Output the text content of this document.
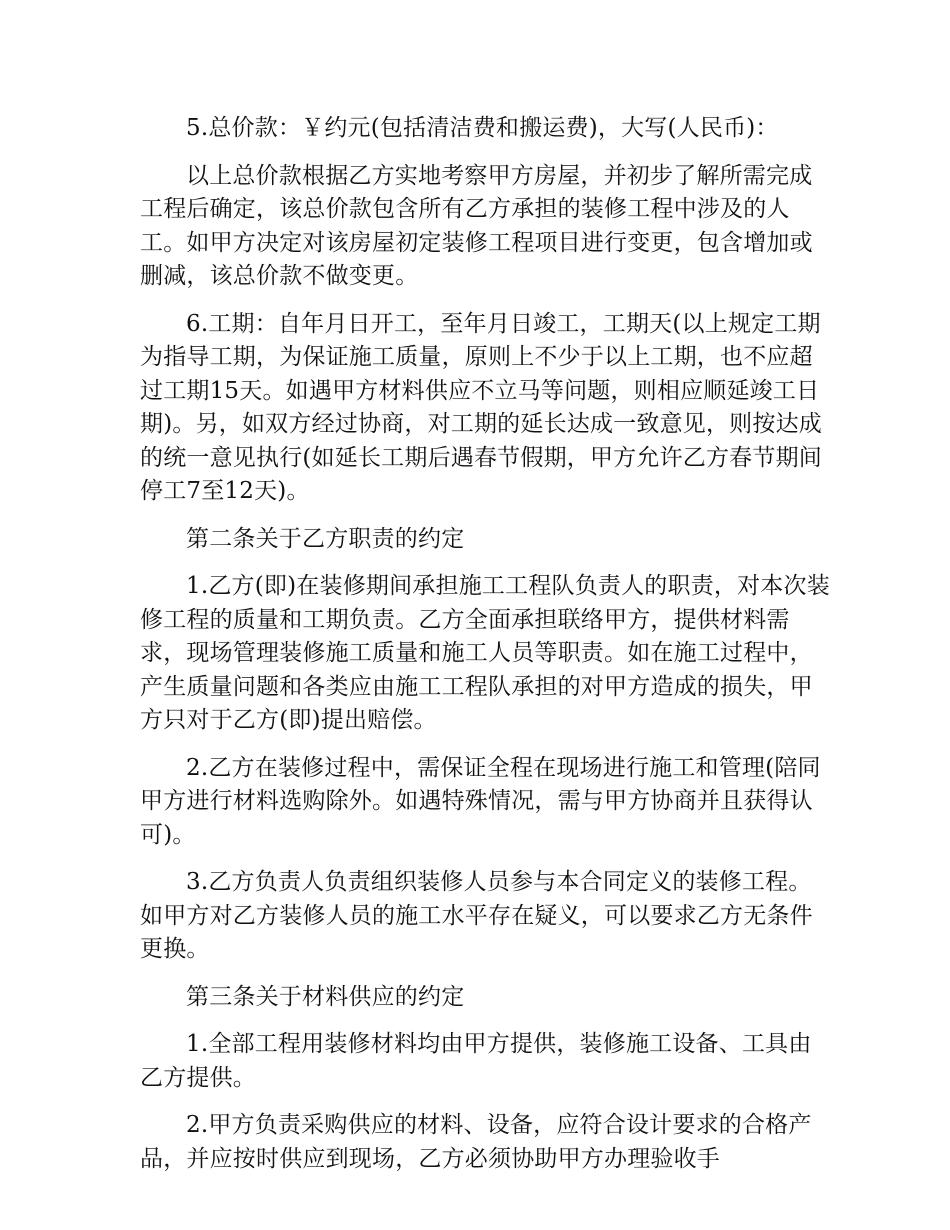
5.总价款：￥约元(包括清洁费和搬运费)，大写(人民币)：

以上总价款根据乙方实地考察甲方房屋，并初步了解所需完成工程后确定，该总价款包含所有乙方承担的装修工程中涉及的人工。如甲方决定对该房屋初定装修工程项目进行变更，包含增加或删减，该总价款不做变更。

6.工期：自年月日开工，至年月日竣工，工期天(以上规定工期为指导工期，为保证施工质量，原则上不少于以上工期，也不应超过工期15天。如遇甲方材料供应不立马等问题，则相应顺延竣工日期)。另，如双方经过协商，对工期的延长达成一致意见，则按达成的统一意见执行(如延长工期后遇春节假期，甲方允许乙方春节期间停工7至12天)。

第二条关于乙方职责的约定

1.乙方(即)在装修期间承担施工工程队负责人的职责，对本次装修工程的质量和工期负责。乙方全面承担联络甲方，提供材料需求，现场管理装修施工质量和施工人员等职责。如在施工过程中，产生质量问题和各类应由施工工程队承担的对甲方造成的损失，甲方只对于乙方(即)提出赔偿。

2.乙方在装修过程中，需保证全程在现场进行施工和管理(陪同甲方进行材料选购除外。如遇特殊情况，需与甲方协商并且获得认可)。

3.乙方负责人负责组织装修人员参与本合同定义的装修工程。如甲方对乙方装修人员的施工水平存在疑义，可以要求乙方无条件更换。

第三条关于材料供应的约定

1.全部工程用装修材料均由甲方提供，装修施工设备、工具由乙方提供。

2.甲方负责采购供应的材料、设备，应符合设计要求的合格产品，并应按时供应到现场，乙方必须协助甲方办理验收手
